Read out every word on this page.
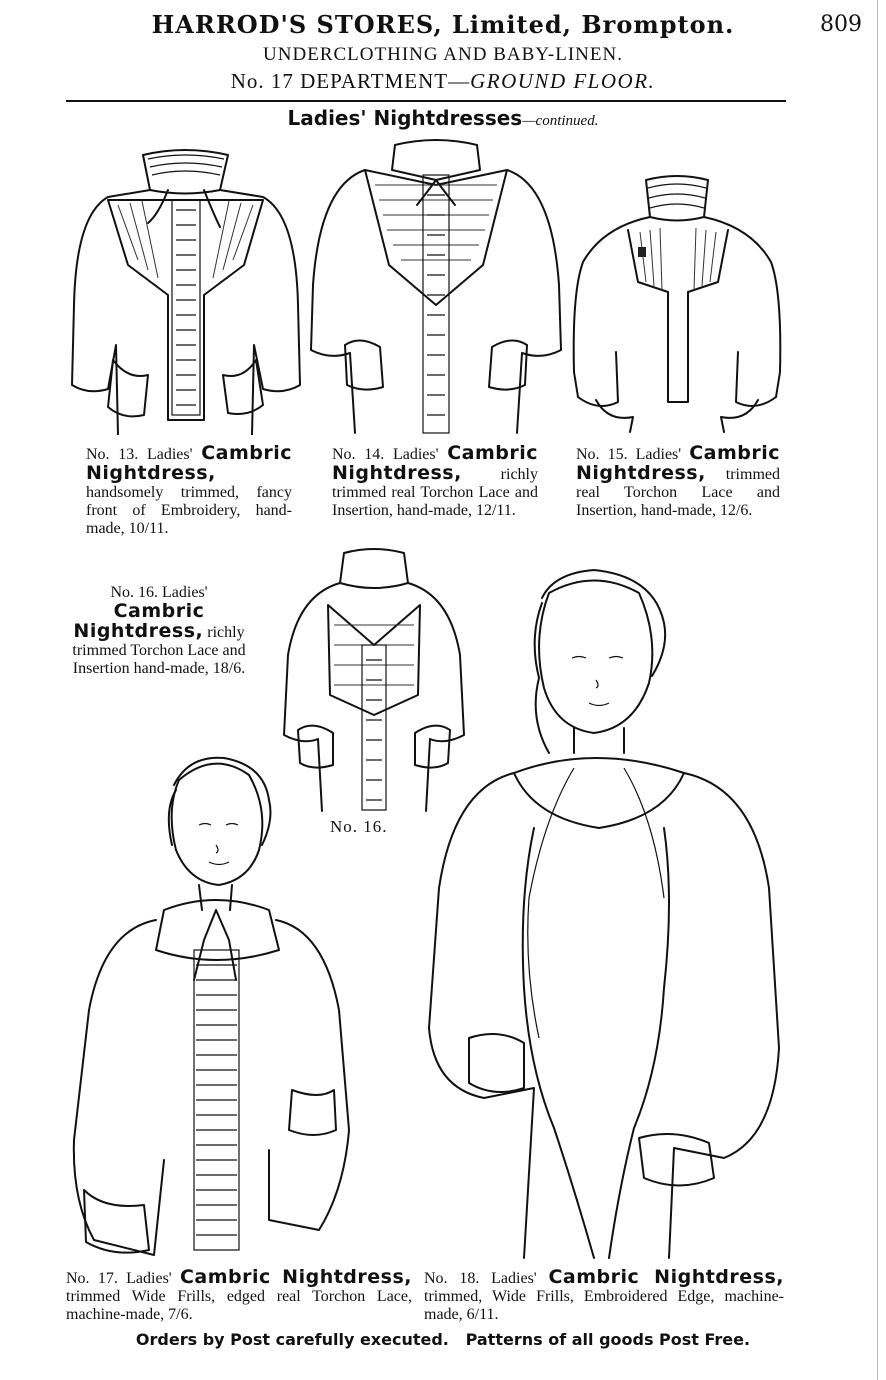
HARROD'S STORES, Limited, Brompton.	809
UNDERCLOTHING AND BABY-LINEN.
No. 17 DEPARTMENT—GROUND FLOOR.
Ladies' Nightdresses—continued.
No. 13. Ladies' Cambric Nightdress, handsomely trimmed, fancy front of Embroidery, hand-made, 10/11.
No. 14. Ladies' Cambric Nightdress, richly trimmed real Torchon Lace and Insertion, hand-made, 12/11.
No. 15. Ladies' Cambric Nightdress, trimmed real Torchon Lace and Insertion, hand-made, 12/6.
No. 16. Ladies' Cambric Nightdress, richly trimmed Torchon Lace and Insertion hand-made, 18/6.
No. 16.
No. 17. Ladies' Cambric Nightdress, trimmed Wide Frills, edged real Torchon Lace, machine-made, 7/6.
No. 18. Ladies' Cambric Nightdress, trimmed, Wide Frills, Embroidered Edge, machine-made, 6/11.
Orders by Post carefully executed.   Patterns of all goods Post Free.
